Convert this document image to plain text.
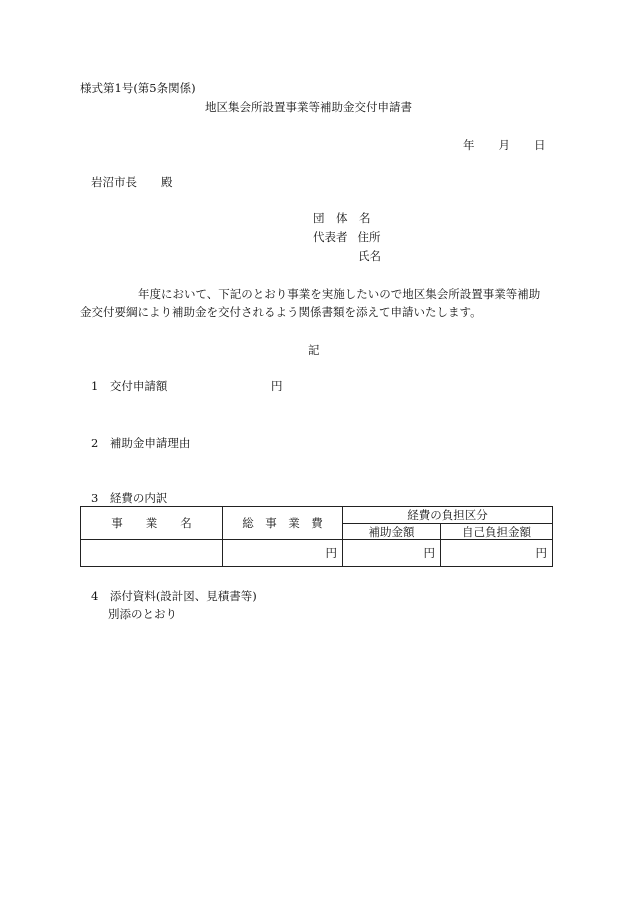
様式第1号(第5条関係)
地区集会所設置事業等補助金交付申請書
年 月 日
岩沼市長 殿
団　体　名
代表者 住所
氏名
年度において、下記のとおり事業を実施したいので地区集会所設置事業等補助
金交付要綱により補助金を交付されるよう関係書類を添えて申請いたします。
記
1　交付申請額	円
2　補助金申請理由
3　経費の内訳
事　　業　　名	総　事　業　費	経費の負担区分	
		補助金額	自己負担金額
	円	円	円
4　添付資料(設計図、見積書等)
別添のとおり
